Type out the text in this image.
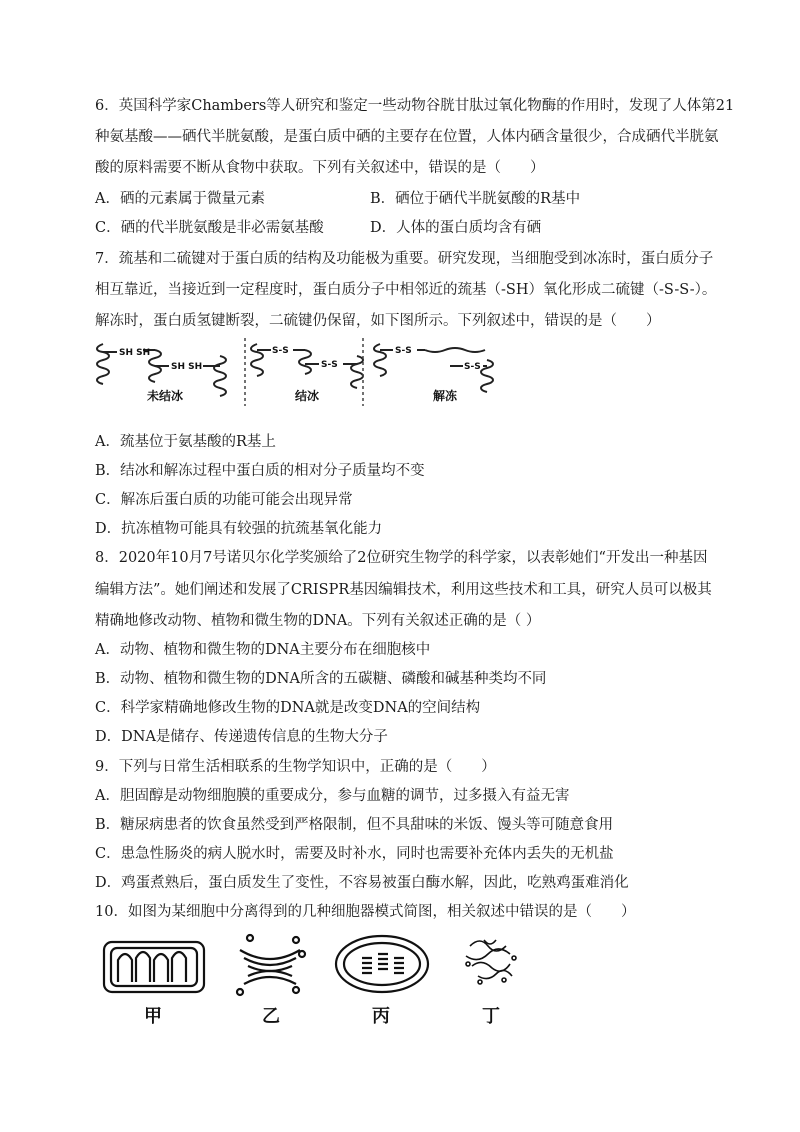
6．英国科学家Chambers等人研究和鉴定一些动物谷胱甘肽过氧化物酶的作用时，发现了人体第21
种氨基酸——硒代半胱氨酸，是蛋白质中硒的主要存在位置，人体内硒含量很少，合成硒代半胱氨
酸的原料需要不断从食物中获取。下列有关叙述中，错误的是（　　）
A．硒的元素属于微量元素	B．硒位于硒代半胱氨酸的R基中
C．硒的代半胱氨酸是非必需氨基酸	D．人体的蛋白质均含有硒
7．巯基和二硫键对于蛋白质的结构及功能极为重要。研究发现，当细胞受到冰冻时，蛋白质分子
相互靠近，当接近到一定程度时，蛋白质分子中相邻近的巯基（-SH）氧化形成二硫键（-S-S-）。
解冻时，蛋白质氢键断裂，二硫键仍保留，如下图所示。下列叙述中，错误的是（　　）
SH SH
SH SH
S-S
S-S
S-S
S-S
未结冰	结冰	解冻
A．巯基位于氨基酸的R基上
B．结冰和解冻过程中蛋白质的相对分子质量均不变
C．解冻后蛋白质的功能可能会出现异常
D．抗冻植物可能具有较强的抗巯基氧化能力
8．2020年10月7号诺贝尔化学奖颁给了2位研究生物学的科学家，以表彰她们“开发出一种基因
编辑方法”。她们阐述和发展了CRISPR基因编辑技术，利用这些技术和工具，研究人员可以极其
精确地修改动物、植物和微生物的DNA。下列有关叙述正确的是（ ）
A．动物、植物和微生物的DNA主要分布在细胞核中
B．动物、植物和微生物的DNA所含的五碳糖、磷酸和碱基种类均不同
C．科学家精确地修改生物的DNA就是改变DNA的空间结构
D．DNA是储存、传递遗传信息的生物大分子
9．下列与日常生活相联系的生物学知识中，正确的是（　　）
A．胆固醇是动物细胞膜的重要成分，参与血糖的调节，过多摄入有益无害
B．糖尿病患者的饮食虽然受到严格限制，但不具甜味的米饭、馒头等可随意食用
C．患急性肠炎的病人脱水时，需要及时补水，同时也需要补充体内丢失的无机盐
D．鸡蛋煮熟后，蛋白质发生了变性，不容易被蛋白酶水解，因此，吃熟鸡蛋难消化
10．如图为某细胞中分离得到的几种细胞器模式简图，相关叙述中错误的是（　　）
甲	乙	丙	丁
